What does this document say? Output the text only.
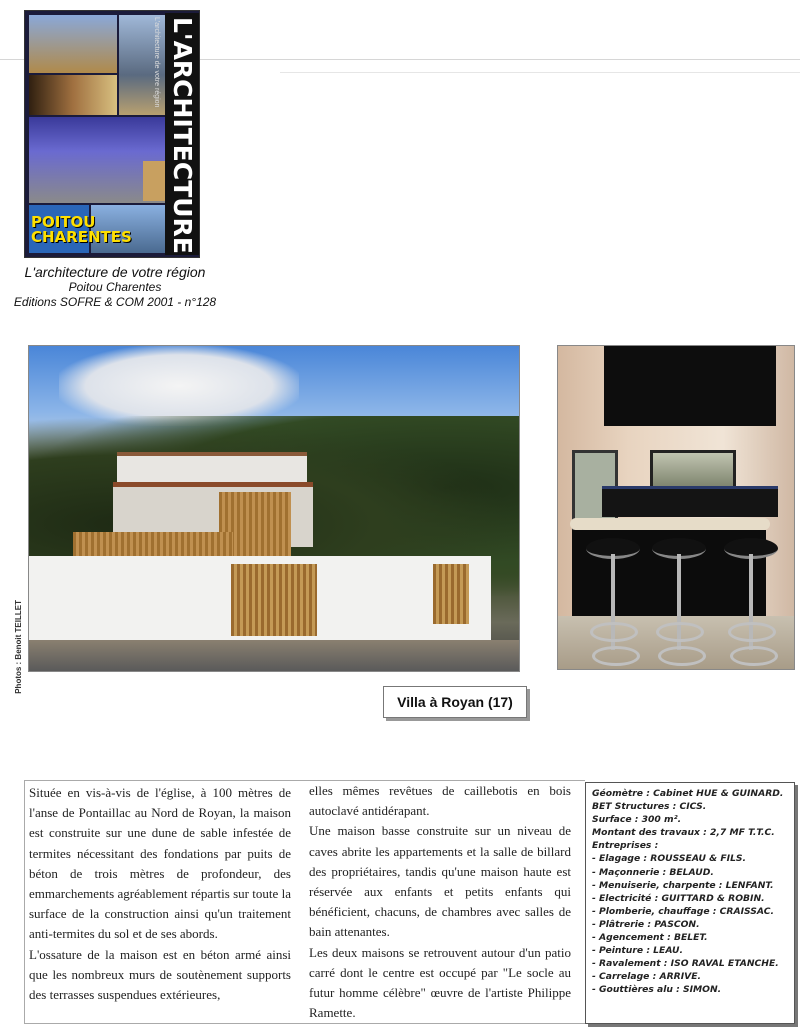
L'ARCHITECTURE
L'architecture de votre région
POITOU
CHARENTES
L'architecture de votre région
Poitou Charentes
Editions SOFRE & COM 2001 - n°128
Photos : Benoit TEILLET
Villa à Royan (17)

Située en vis-à-vis de l'église, à 100 mètres de l'anse de Pontaillac au Nord de Royan, la maison est construite sur une dune de sable infestée de termites nécessitant des fondations par puits de béton de trois mètres de profondeur, des emmarchements agréablement répartis sur toute la surface de la construction ainsi qu'un traitement anti-termites du sol et de ses abords.

L'ossature de la maison est en béton armé ainsi que les nombreux murs de soutènement supports des terrasses suspendues extérieures,

elles mêmes revêtues de caillebotis en bois autoclavé antidérapant.

Une maison basse construite sur un niveau de caves abrite les appartements et la salle de billard des propriétaires, tandis qu'une maison haute est réservée aux enfants et petits enfants qui bénéficient, chacuns, de chambres avec salles de bain attenantes.

Les deux maisons se retrouvent autour d'un patio carré dont le centre est occupé par "Le socle au futur homme célèbre" œuvre de l'artiste Philippe Ramette.

Géomètre : Cabinet HUE & GUINARD.
BET Structures : CICS.
Surface : 300 m².
Montant des travaux : 2,7 MF T.T.C.
Entreprises :
- Elagage : ROUSSEAU & FILS.
- Maçonnerie : BELAUD.
- Menuiserie, charpente : LENFANT.
- Electricité : GUITTARD & ROBIN.
- Plomberie, chauffage : CRAISSAC.
- Plâtrerie : PASCON.
- Agencement : BELET.
- Peinture : LEAU.
- Ravalement : ISO RAVAL ETANCHE.
- Carrelage : ARRIVE.
- Gouttières alu : SIMON.
